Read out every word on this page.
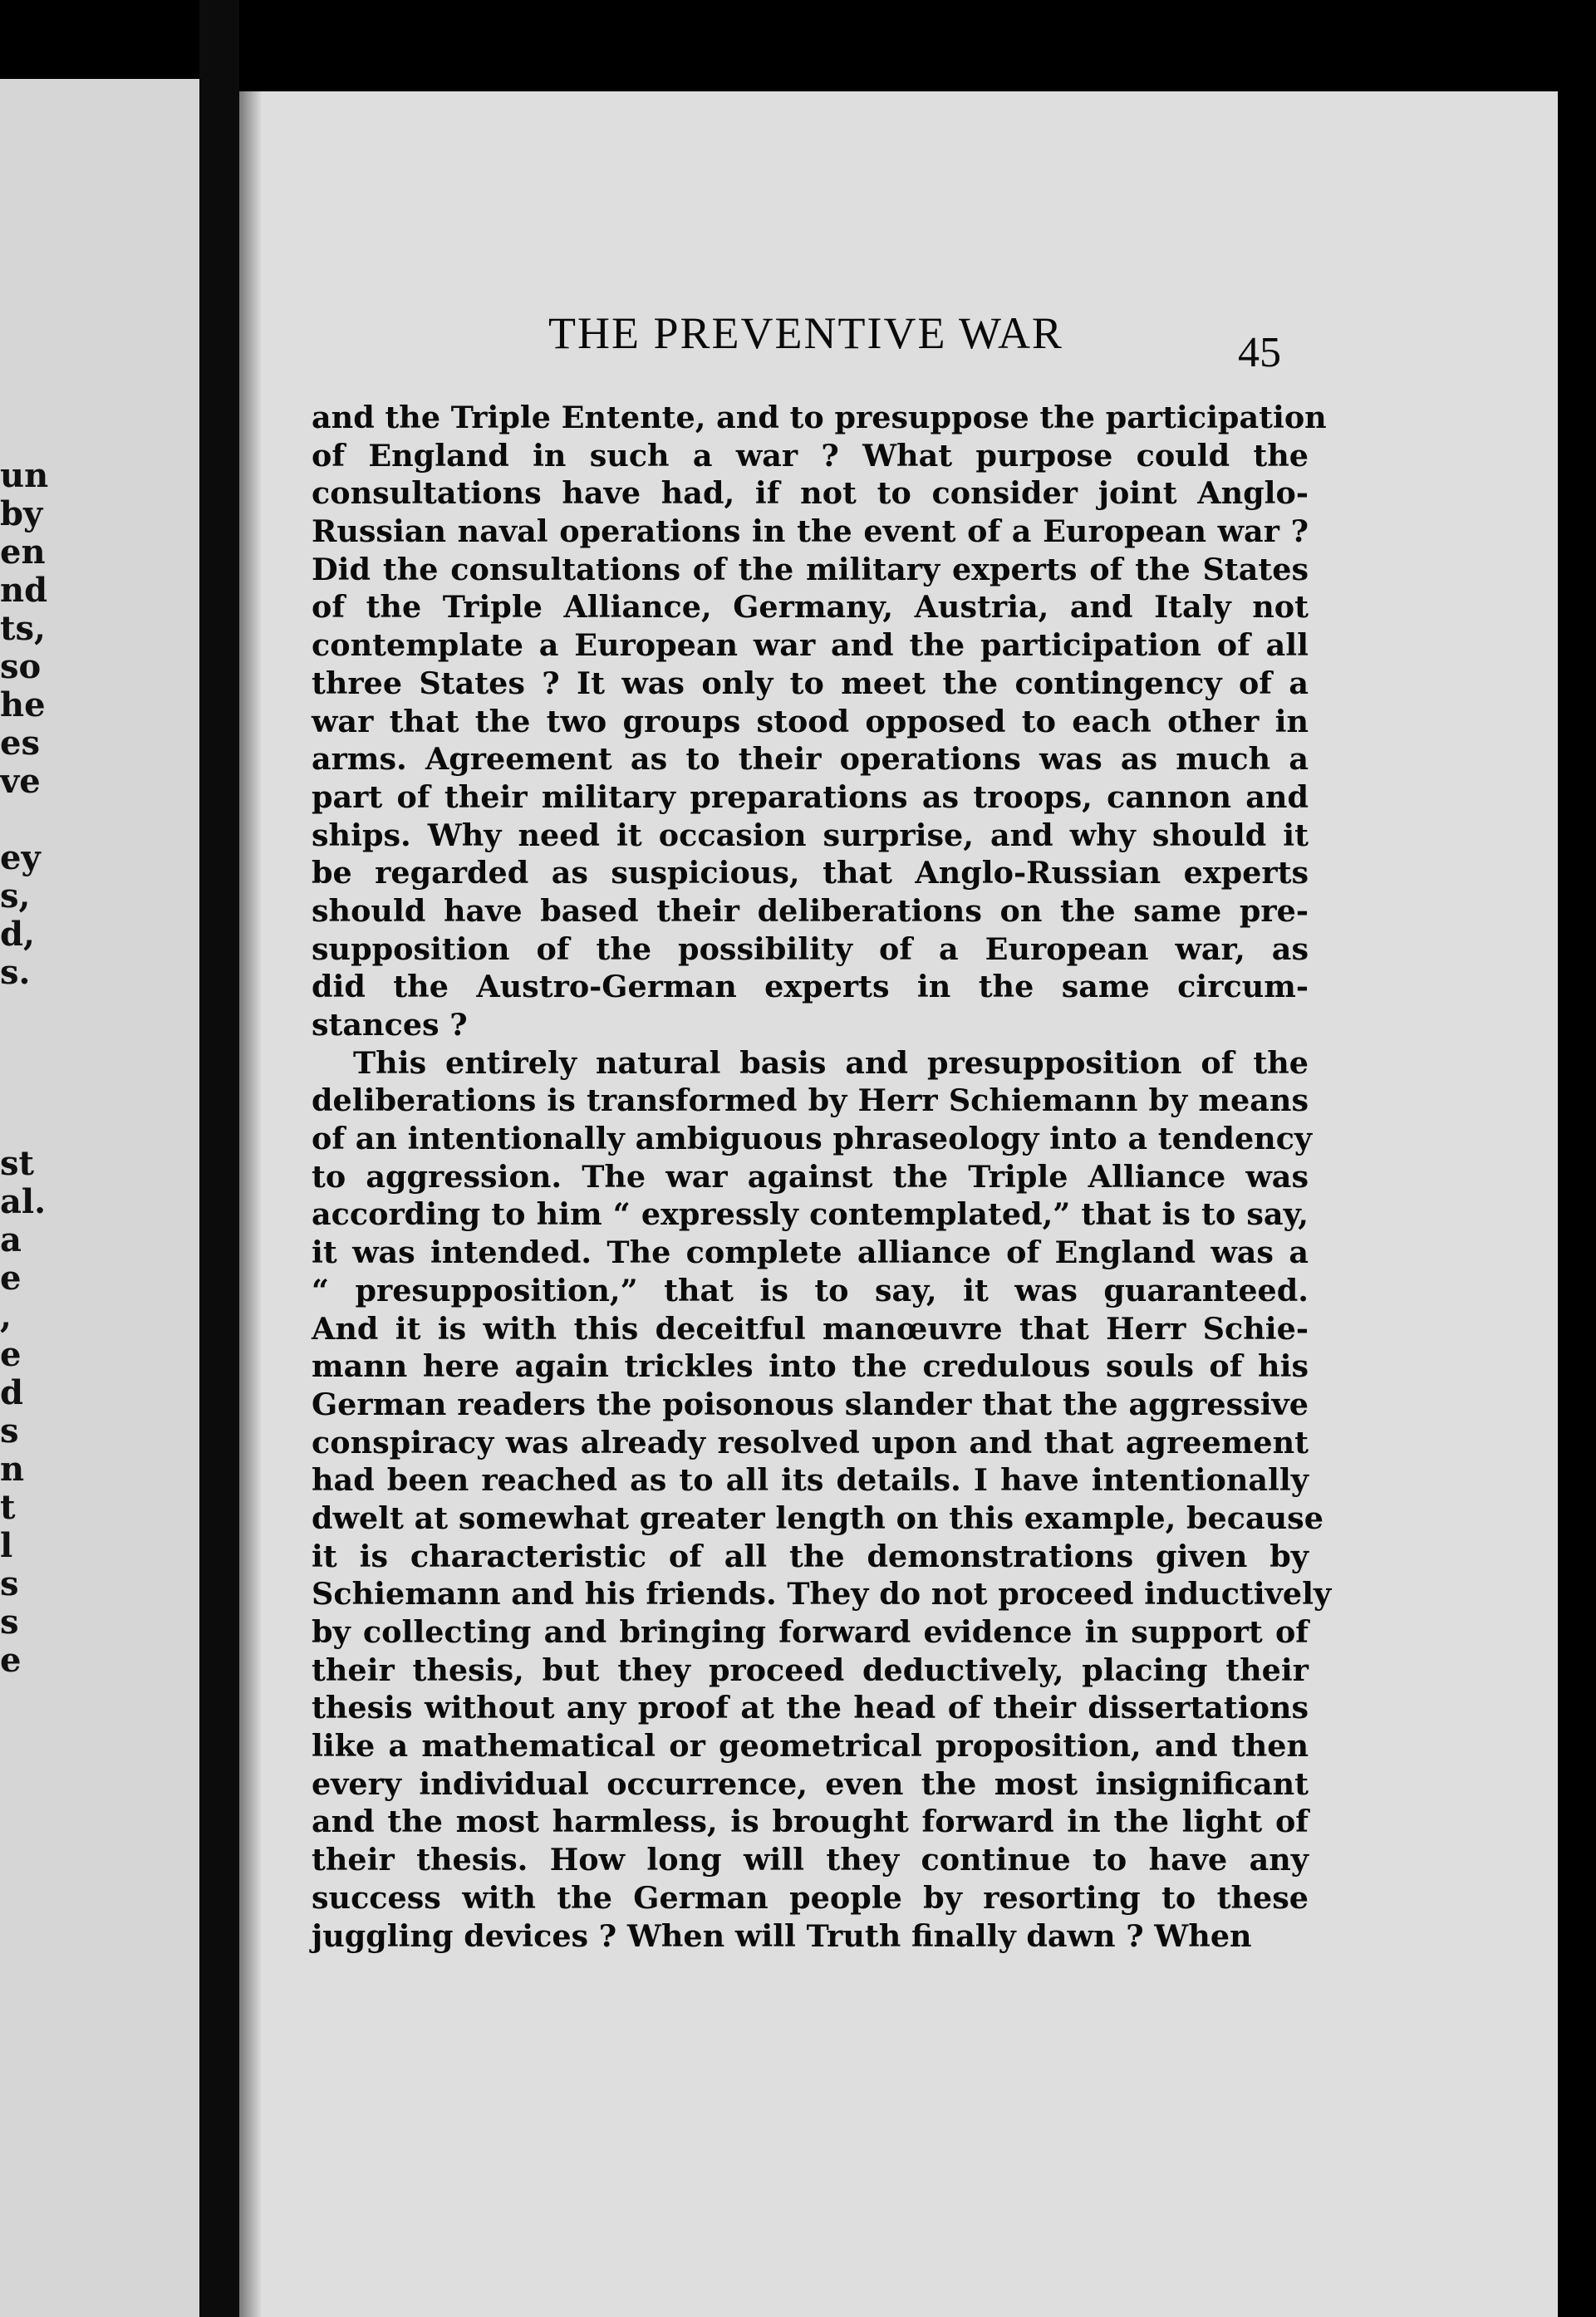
un
by
en
nd
ts,
so
he
es
ve
ey
s,
d,
s.
st
al.
a
e
,
e
d
s
n
t
l
s
s
e
THE PREVENTIVE WAR	45
and the Triple Entente, and to presuppose the participation
of England in such a war ? What purpose could the
consultations have had, if not to consider joint Anglo-
Russian naval operations in the event of a European war ?
Did the consultations of the military experts of the States
of the Triple Alliance, Germany, Austria, and Italy not
contemplate a European war and the participation of all
three States ? It was only to meet the contingency of a
war that the two groups stood opposed to each other in
arms. Agreement as to their operations was as much a
part of their military preparations as troops, cannon and
ships. Why need it occasion surprise, and why should it
be regarded as suspicious, that Anglo-Russian experts
should have based their deliberations on the same pre-
supposition of the possibility of a European war, as
did the Austro-German experts in the same circum-
stances ?
This entirely natural basis and presupposition of the
deliberations is transformed by Herr Schiemann by means
of an intentionally ambiguous phraseology into a tendency
to aggression. The war against the Triple Alliance was
according to him “ expressly contemplated,” that is to say,
it was intended. The complete alliance of England was a
“ presupposition,” that is to say, it was guaranteed.
And it is with this deceitful manœuvre that Herr Schie-
mann here again trickles into the credulous souls of his
German readers the poisonous slander that the aggressive
conspiracy was already resolved upon and that agreement
had been reached as to all its details. I have intentionally
dwelt at somewhat greater length on this example, because
it is characteristic of all the demonstrations given by
Schiemann and his friends. They do not proceed inductively
by collecting and bringing forward evidence in support of
their thesis, but they proceed deductively, placing their
thesis without any proof at the head of their dissertations
like a mathematical or geometrical proposition, and then
every individual occurrence, even the most insignificant
and the most harmless, is brought forward in the light of
their thesis. How long will they continue to have any
success with the German people by resorting to these
juggling devices ? When will Truth finally dawn ? When
